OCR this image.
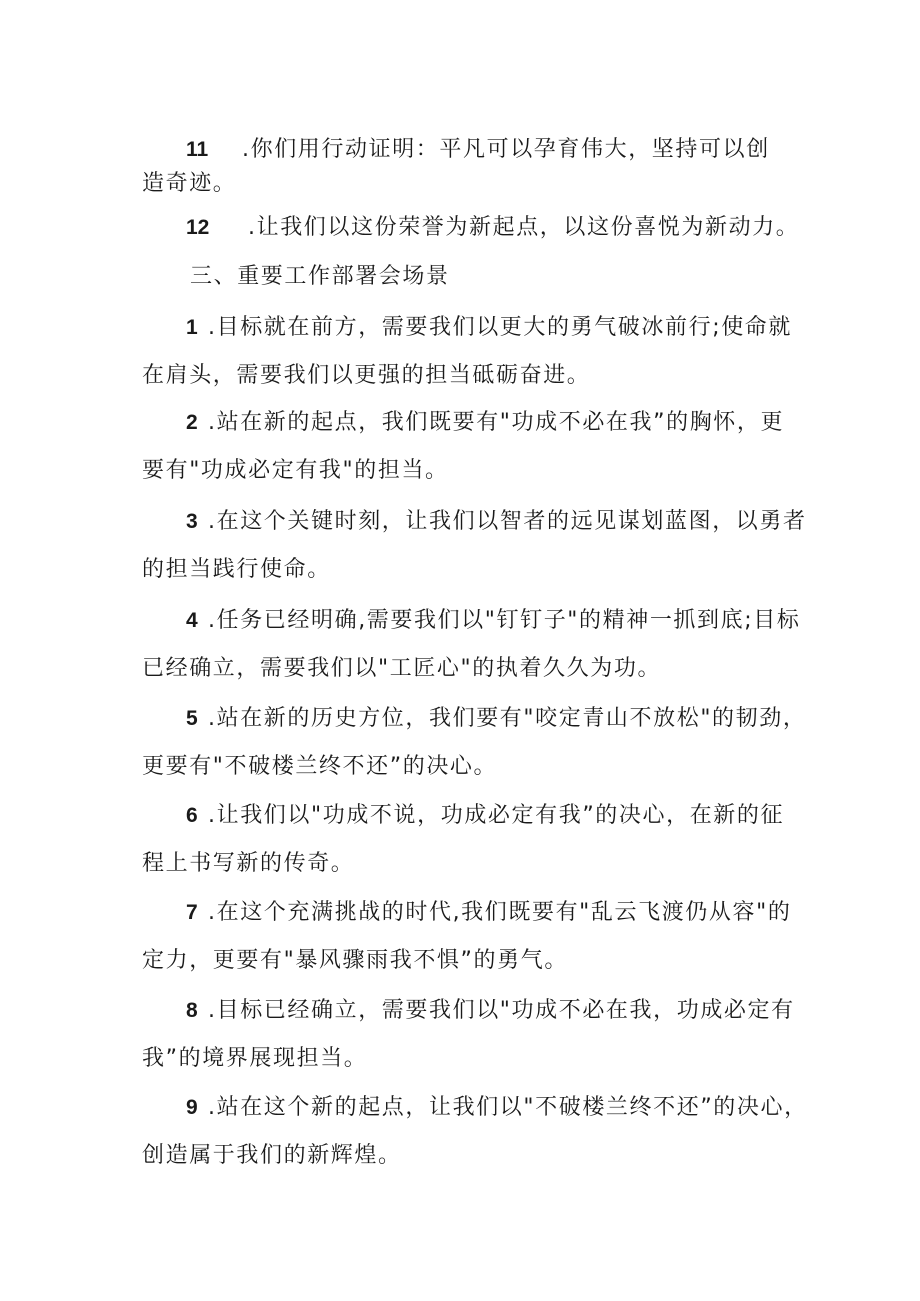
11 .你们用行动证明：平凡可以孕育伟大，坚持可以创
造奇迹。
12 .让我们以这份荣誉为新起点，以这份喜悦为新动力。
三、重要工作部署会场景
1 .目标就在前方，需要我们以更大的勇气破冰前行;使命就
在肩头，需要我们以更强的担当砥砺奋进。
2 .站在新的起点，我们既要有"功成不必在我”的胸怀，更
要有"功成必定有我"的担当。
3 .在这个关键时刻，让我们以智者的远见谋划蓝图，以勇者
的担当践行使命。
4 .任务已经明确,需要我们以"钉钉子"的精神一抓到底;目标
已经确立，需要我们以"工匠心"的执着久久为功。
5 .站在新的历史方位，我们要有"咬定青山不放松"的韧劲，
更要有"不破楼兰终不还”的决心。
6 .让我们以"功成不说，功成必定有我”的决心，在新的征
程上书写新的传奇。
7 .在这个充满挑战的时代,我们既要有"乱云飞渡仍从容"的
定力，更要有"暴风骤雨我不惧”的勇气。
8 .目标已经确立，需要我们以"功成不必在我，功成必定有
我”的境界展现担当。
9 .站在这个新的起点，让我们以"不破楼兰终不还”的决心，
创造属于我们的新辉煌。
